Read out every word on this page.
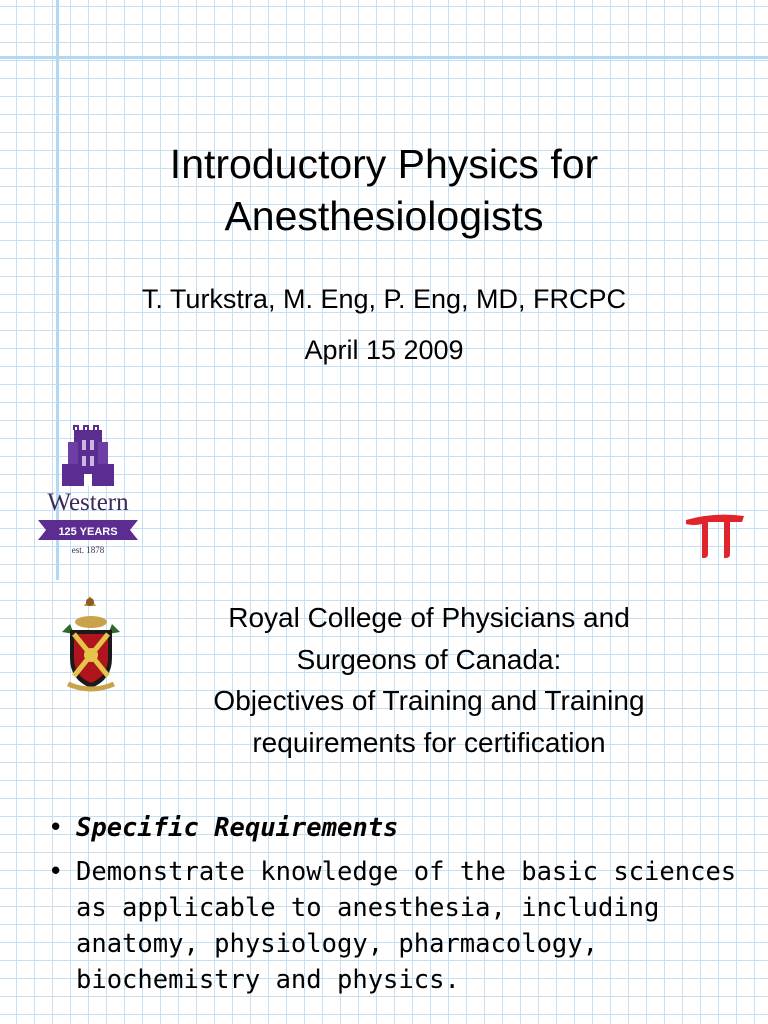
Introductory Physics for
Anesthesiologists
T. Turkstra, M. Eng, P. Eng, MD, FRCPC
April 15 2009
Western
125 YEARS
est. 1878
Royal College of Physicians and
Surgeons of Canada:
Objectives of Training and Training
requirements for certification
• Specific Requirements
• Demonstrate knowledge of the basic sciences as applicable to anesthesia, including anatomy, physiology, pharmacology, biochemistry and physics.
